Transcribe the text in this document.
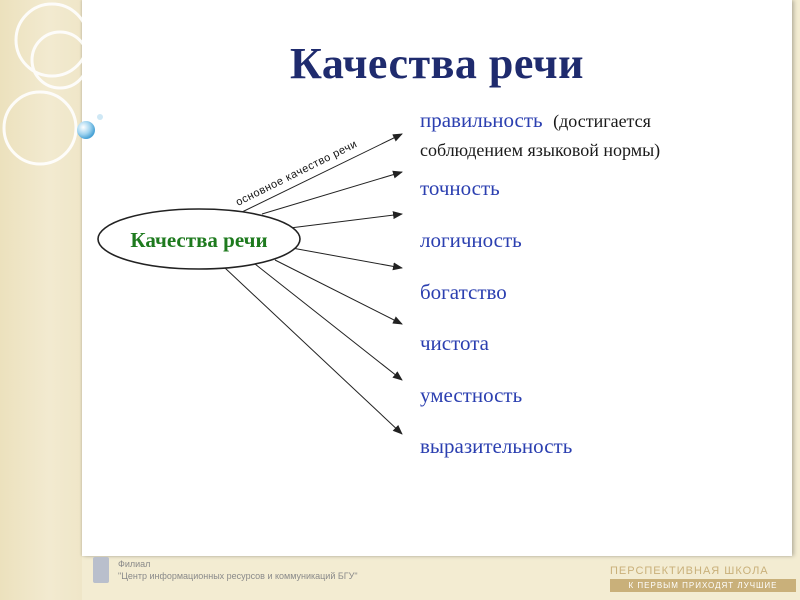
Качества речи
Качества речи
основное качество речи
правильность (достигается
соблюдением языковой нормы)
точность
логичность
богатство
чистота
уместность
выразительность
Филиал
"Центр информационных ресурсов и коммуникаций БГУ"	ПЕРСПЕКТИВНАЯ ШКОЛА
К ПЕРВЫМ ПРИХОДЯТ ЛУЧШИЕ
